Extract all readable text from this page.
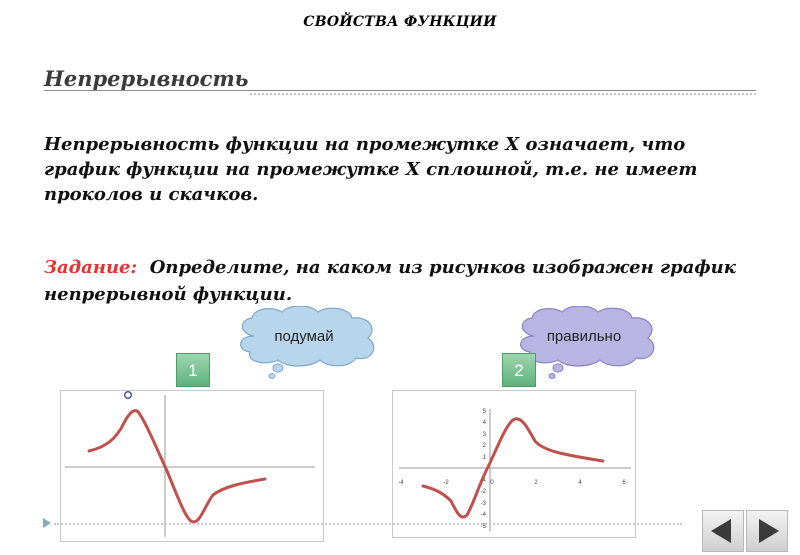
СВОЙСТВА ФУНКЦИИ
Непрерывность
Непрерывность функции на промежутке X означает, что график функции на промежутке X сплошной, т.е. не имеет проколов и скачков.
Задание: Определите, на каком из рисунков изображен график непрерывной функции.
подумай	правильно
1	2
-4	-2	0	2	4	6
5
4
3
2
1
-1
-2
-3
-4
-5
